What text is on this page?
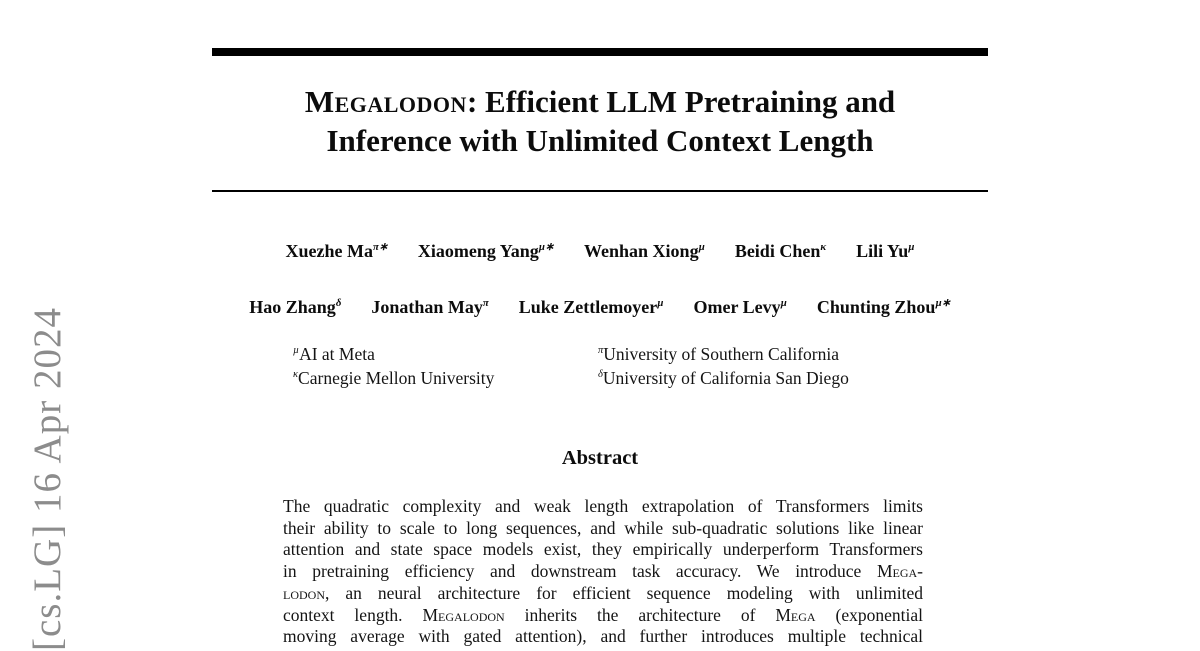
[cs.LG] 16 Apr 2024
Megalodon: Efficient LLM Pretraining and
Inference with Unlimited Context Length
Xuezhe $Ma^{\pi∗}$ Xiaomeng Yang$^{\mu∗}$ Wenhan Xiong$^\mu$ Beidi Chen$^\kappa$ Lili $Yu^\mu$
Hao Zhang$^\delta$ Jonathan May$^\pi$ Luke Zettlemoyer$^\mu$ Omer Levy$^\mu$ Chunting Zhou$^{\mu∗}$
$^\mu$AI at Meta
$^\kappa$Carnegie Mellon University
$^\pi$University of Southern California
$^\delta$University of California San Diego
Abstract
The quadratic complexity and weak length extrapolation of Transformers limits
their ability to scale to long sequences, and while sub-quadratic solutions like linear
attention and state space models exist, they empirically underperform Transformers
in pretraining efficiency and downstream task accuracy. We introduce Mega-
lodon, an neural architecture for efficient sequence modeling with unlimited
context length. Megalodon inherits the architecture of Mega (exponential
moving average with gated attention), and further introduces multiple technical
